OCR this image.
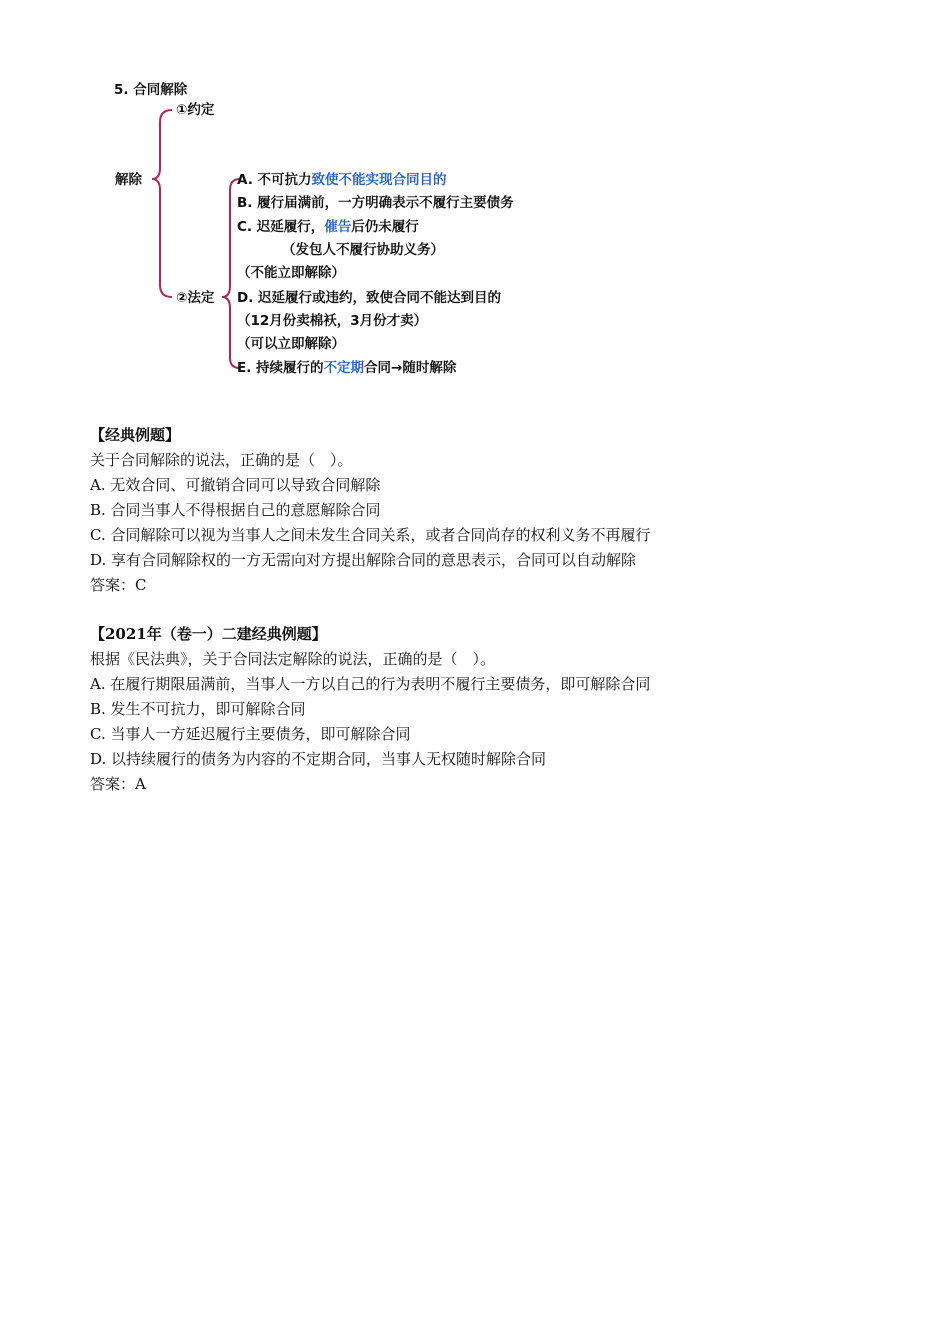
5. 合同解除
①约定
解除
②法定
A. 不可抗力致使不能实现合同目的
B. 履行届满前，一方明确表示不履行主要债务
C. 迟延履行，催告后仍未履行
（发包人不履行协助义务）
（不能立即解除）
D. 迟延履行或违约，致使合同不能达到目的
（12月份卖棉袄，3月份才卖）
（可以立即解除）
E. 持续履行的不定期合同→随时解除
【经典例题】
关于合同解除的说法，正确的是（　）。
A. 无效合同、可撤销合同可以导致合同解除
B. 合同当事人不得根据自己的意愿解除合同
C. 合同解除可以视为当事人之间未发生合同关系，或者合同尚存的权利义务不再履行
D. 享有合同解除权的一方无需向对方提出解除合同的意思表示，合同可以自动解除
答案：C
【2021年（卷一）二建经典例题】
根据《民法典》，关于合同法定解除的说法，正确的是（　）。
A. 在履行期限届满前，当事人一方以自己的行为表明不履行主要债务，即可解除合同
B. 发生不可抗力，即可解除合同
C. 当事人一方延迟履行主要债务，即可解除合同
D. 以持续履行的债务为内容的不定期合同，当事人无权随时解除合同
答案：A
